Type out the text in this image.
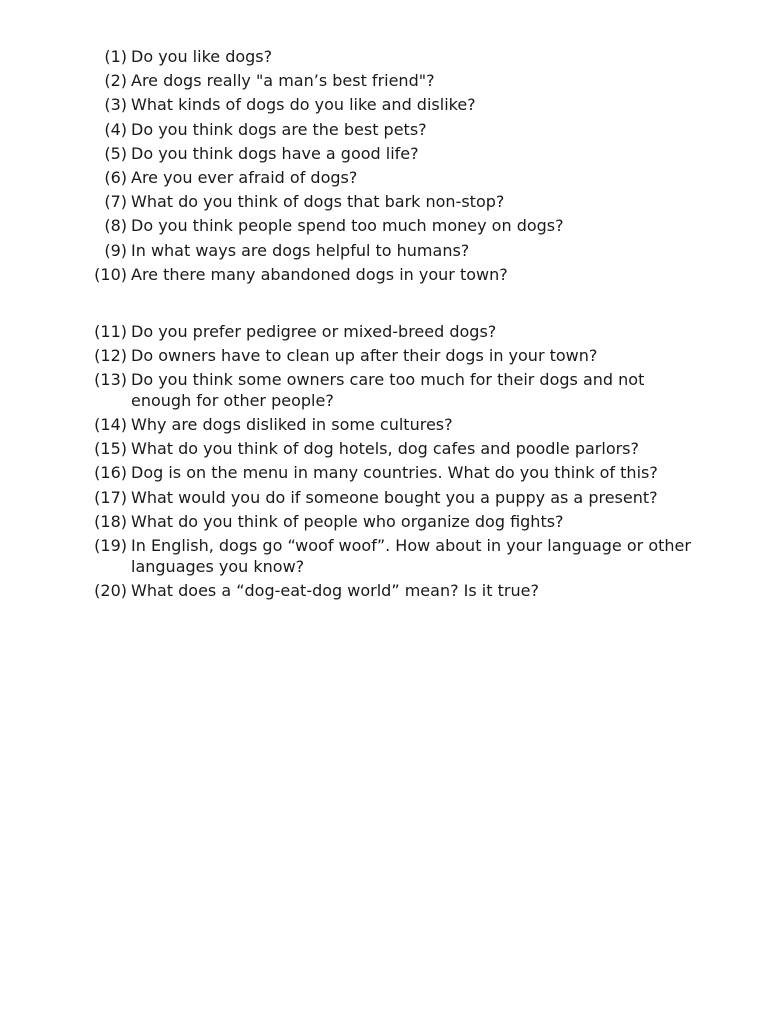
(1) Do you like dogs?
(2) Are dogs really "a man’s best friend"?
(3) What kinds of dogs do you like and dislike?
(4) Do you think dogs are the best pets?
(5) Do you think dogs have a good life?
(6) Are you ever afraid of dogs?
(7) What do you think of dogs that bark non-stop?
(8) Do you think people spend too much money on dogs?
(9) In what ways are dogs helpful to humans?
(10) Are there many abandoned dogs in your town?
(11) Do you prefer pedigree or mixed-breed dogs?
(12) Do owners have to clean up after their dogs in your town?
(13) Do you think some owners care too much for their dogs and not enough for other people?
(14) Why are dogs disliked in some cultures?
(15) What do you think of dog hotels, dog cafes and poodle parlors?
(16) Dog is on the menu in many countries. What do you think of this?
(17) What would you do if someone bought you a puppy as a present?
(18) What do you think of people who organize dog fights?
(19) In English, dogs go “woof woof”. How about in your language or other languages you know?
(20) What does a “dog-eat-dog world” mean? Is it true?
